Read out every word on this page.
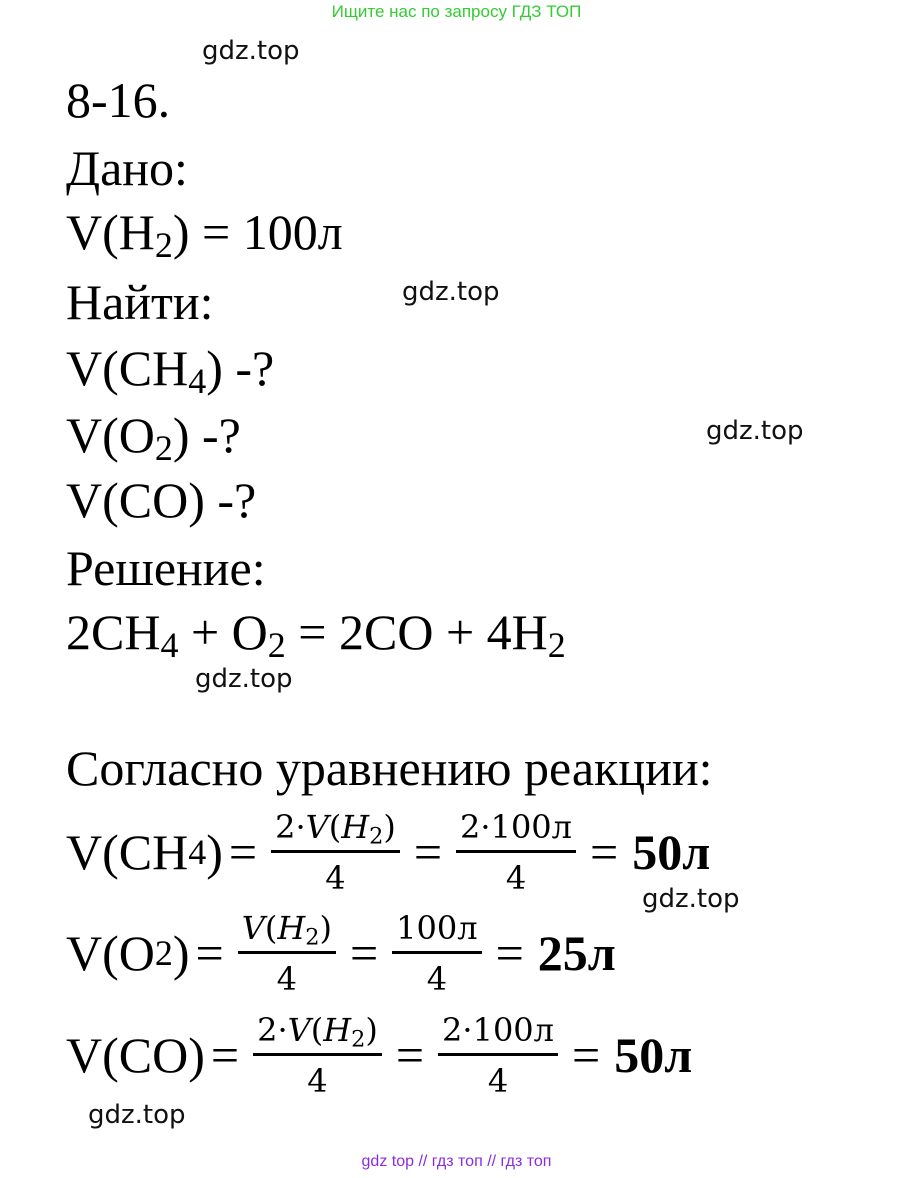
Ищите нас по запросу ГДЗ ТОП
gdz.top
gdz.top
gdz.top
gdz.top
gdz.top
gdz.top
8-16.
Дано:
$V(H_2) = 100л$
Найти:
$V(CH_4)$ -?
$V(O_2)$ -?
V(CO) -?
Решение:
$2CH_4 + O_2 = 2CO + 4H_2$
Согласно уравнению реакции:
V(CH 4 ) = $\frac{2\cdot V(H_2)}{4} = \frac{2\cdot 100л}{4} = 50л$
V(O 2 ) = $\frac{V(H_2)}{4} = \frac{100л}{4} = 25л$
$V(CO) = \frac{2\cdot V(H_2)}{4} = \frac{2\cdot 100л}{4} = 50л$
gdz top // гдз топ // гдз топ
